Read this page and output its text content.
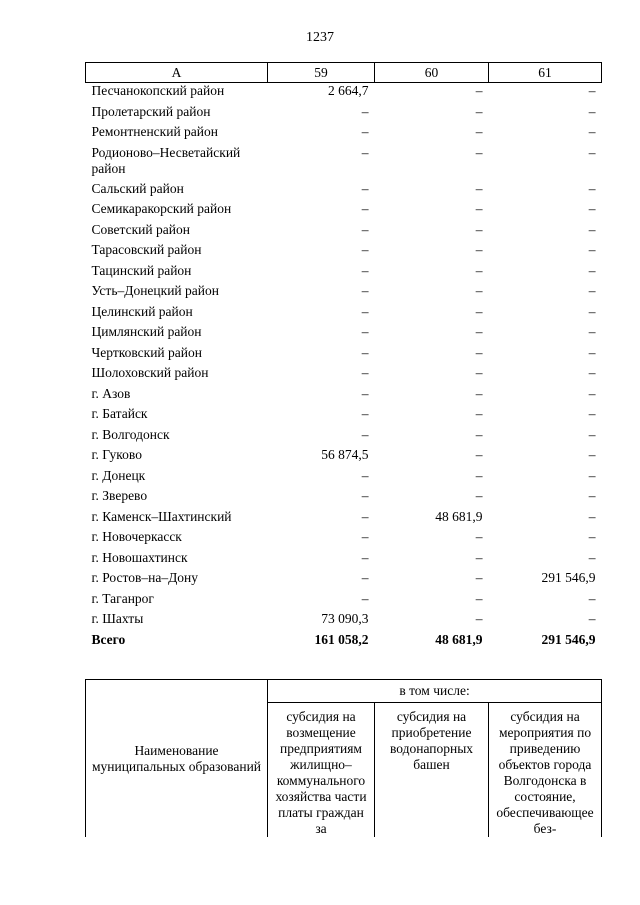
1237
А	59	60	61
Песчанокопский район	2 664,7	–	–
Пролетарский район	–	–	–
Ремонтненский район	–	–	–
Родионово–Несветайский район	–	–	–
Сальский район	–	–	–
Семикаракорский район	–	–	–
Советский район	–	–	–
Тарасовский район	–	–	–
Тацинский район	–	–	–
Усть–Донецкий район	–	–	–
Целинский район	–	–	–
Цимлянский район	–	–	–
Чертковский район	–	–	–
Шолоховский район	–	–	–
г. Азов	–	–	–
г. Батайск	–	–	–
г. Волгодонск	–	–	–
г. Гуково	56 874,5	–	–
г. Донецк	–	–	–
г. Зверево	–	–	–
г. Каменск–Шахтинский	–	48 681,9	–
г. Новочеркасск	–	–	–
г. Новошахтинск	–	–	–
г. Ростов–на–Дону	–	–	291 546,9
г. Таганрог	–	–	–
г. Шахты	73 090,3	–	–
Всего	161 058,2	48 681,9	291 546,9
Наименование муниципальных образований	в том числе:		
	субсидия на возмещение предприятиям жилищно–коммунального хозяйства части платы граждан за	субсидия на приобретение водонапорных башен	субсидия на мероприятия по приведению объектов города Волгодонска в состояние, обеспечивающее без-
